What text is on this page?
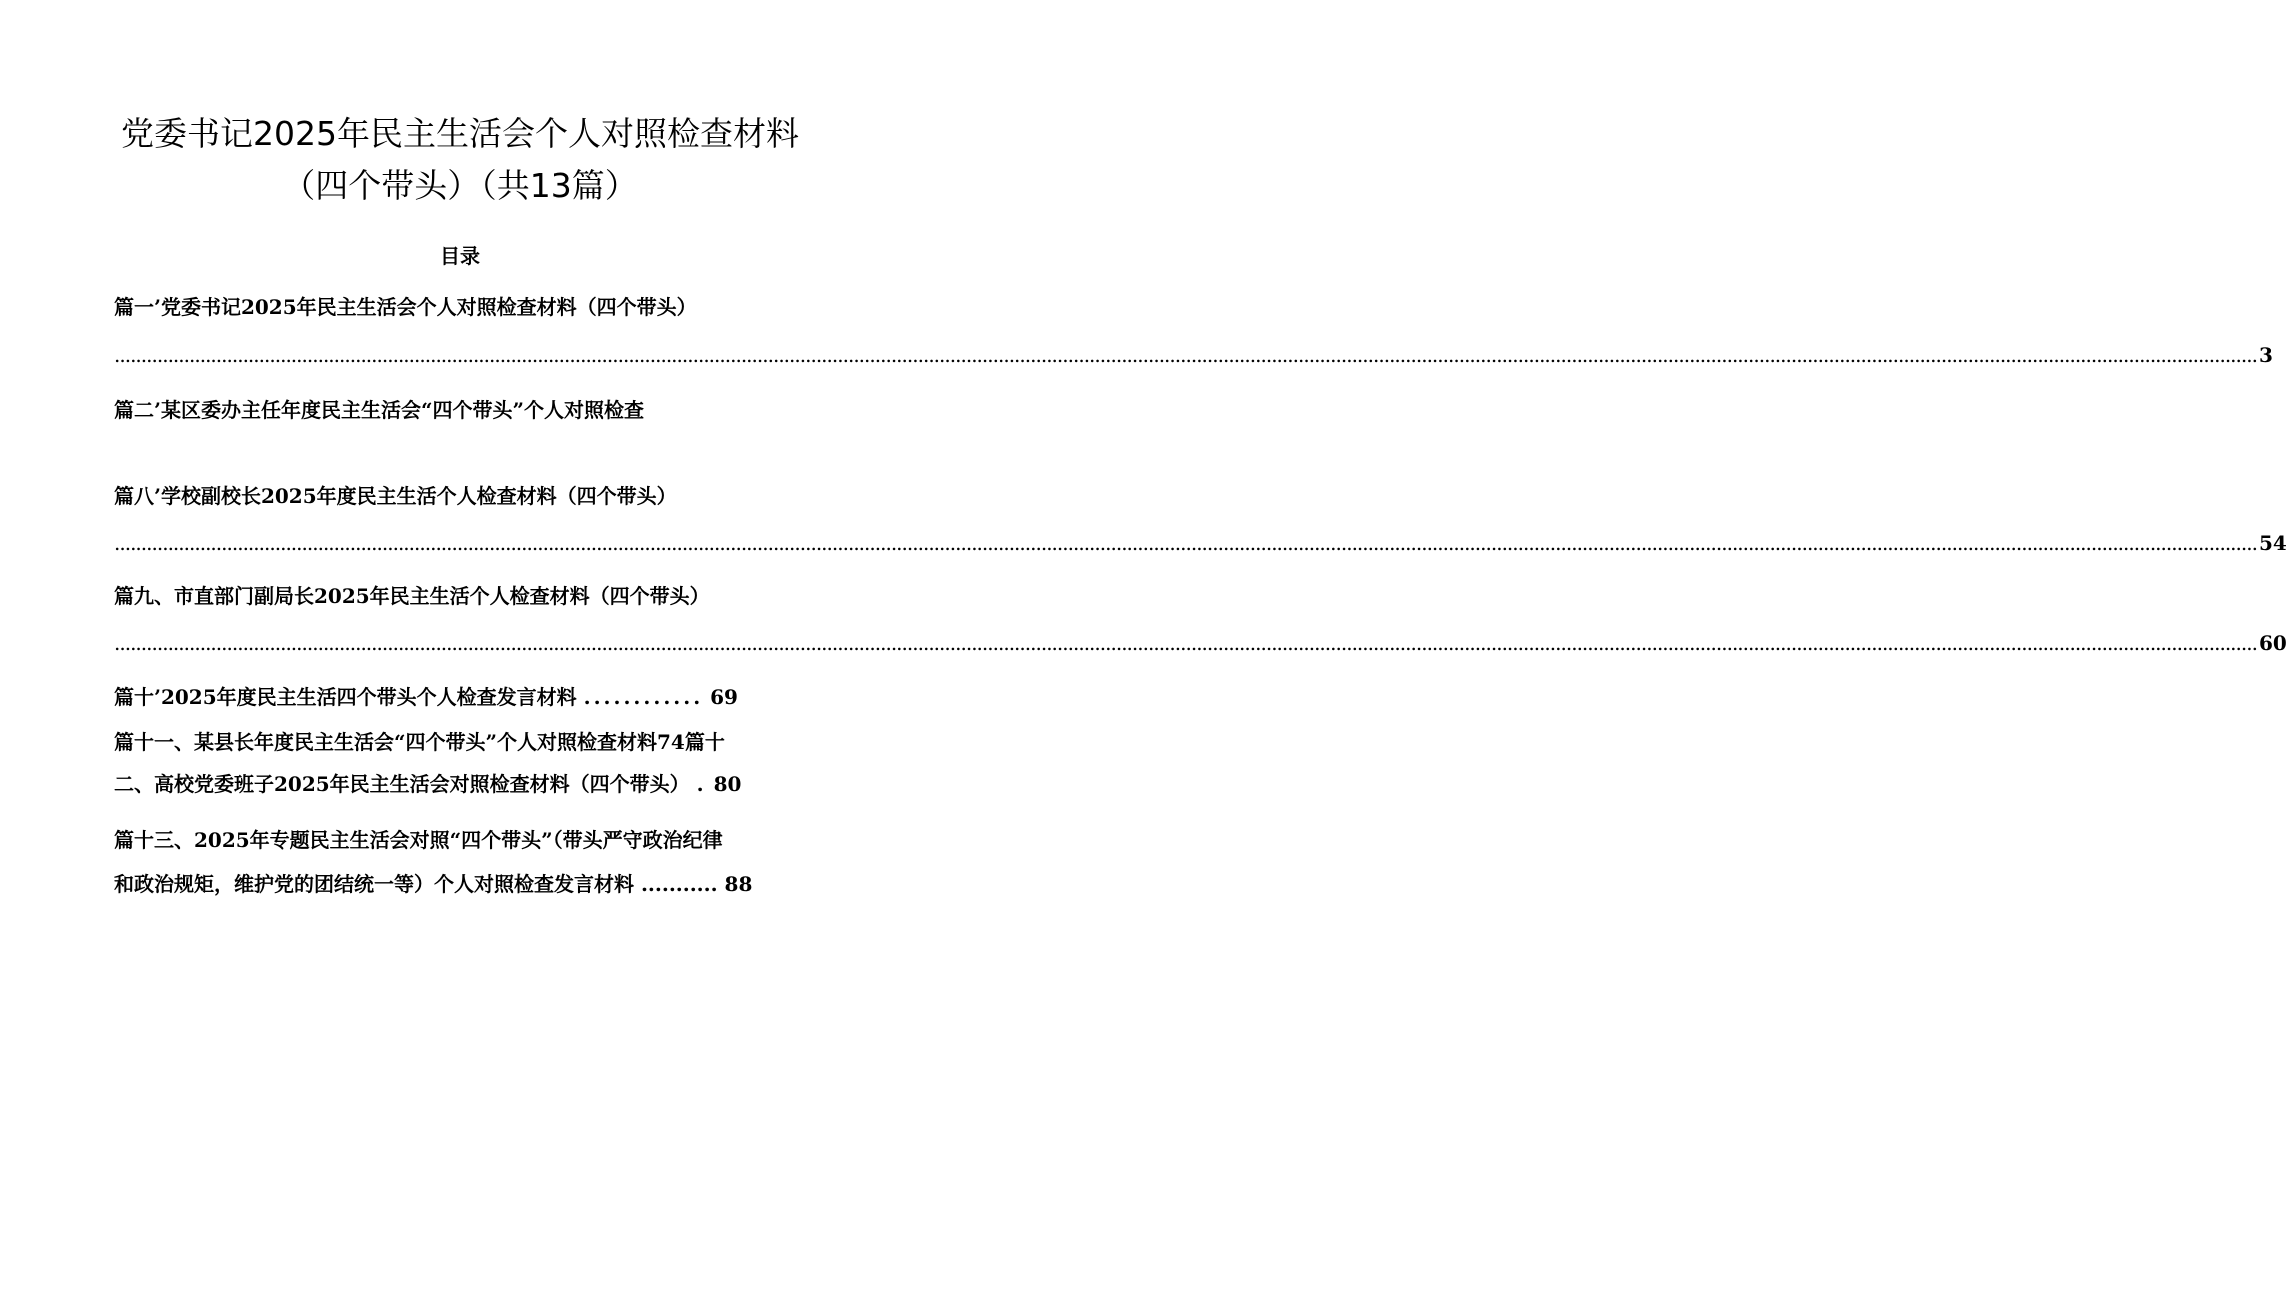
党委书记2025年民主生活会个人对照检查材料
（四个带头）（共13篇）
目录
篇一’党委书记2025年民主生活会个人对照检查材料（四个带头）
................................................................................................................................................................................................................................................................................................................................................................................................................ 3
篇二’某区委办主任年度民主生活会“四个带头”个人对照检查
篇八’学校副校长2025年度民主生活个人检查材料（四个带头）
................................................................................................................................................................................................................................................................................................................................................................................................................ 54
篇九、市直部门副局长2025年民主生活个人检查材料（四个带头）
................................................................................................................................................................................................................................................................................................................................................................................................................ 60
篇十’2025年度民主生活四个带头个人检查发言材料 ............ 69
篇十一、某县长年度民主生活会“四个带头”个人对照检查材料74篇十
二、高校党委班子2025年民主生活会对照检查材料（四个带头） . 80
篇十三、2025年专题民主生活会对照“四个带头”（带头严守政治纪律
和政治规矩，维护党的团结统一等）个人对照检查发言材料 ........... 88
